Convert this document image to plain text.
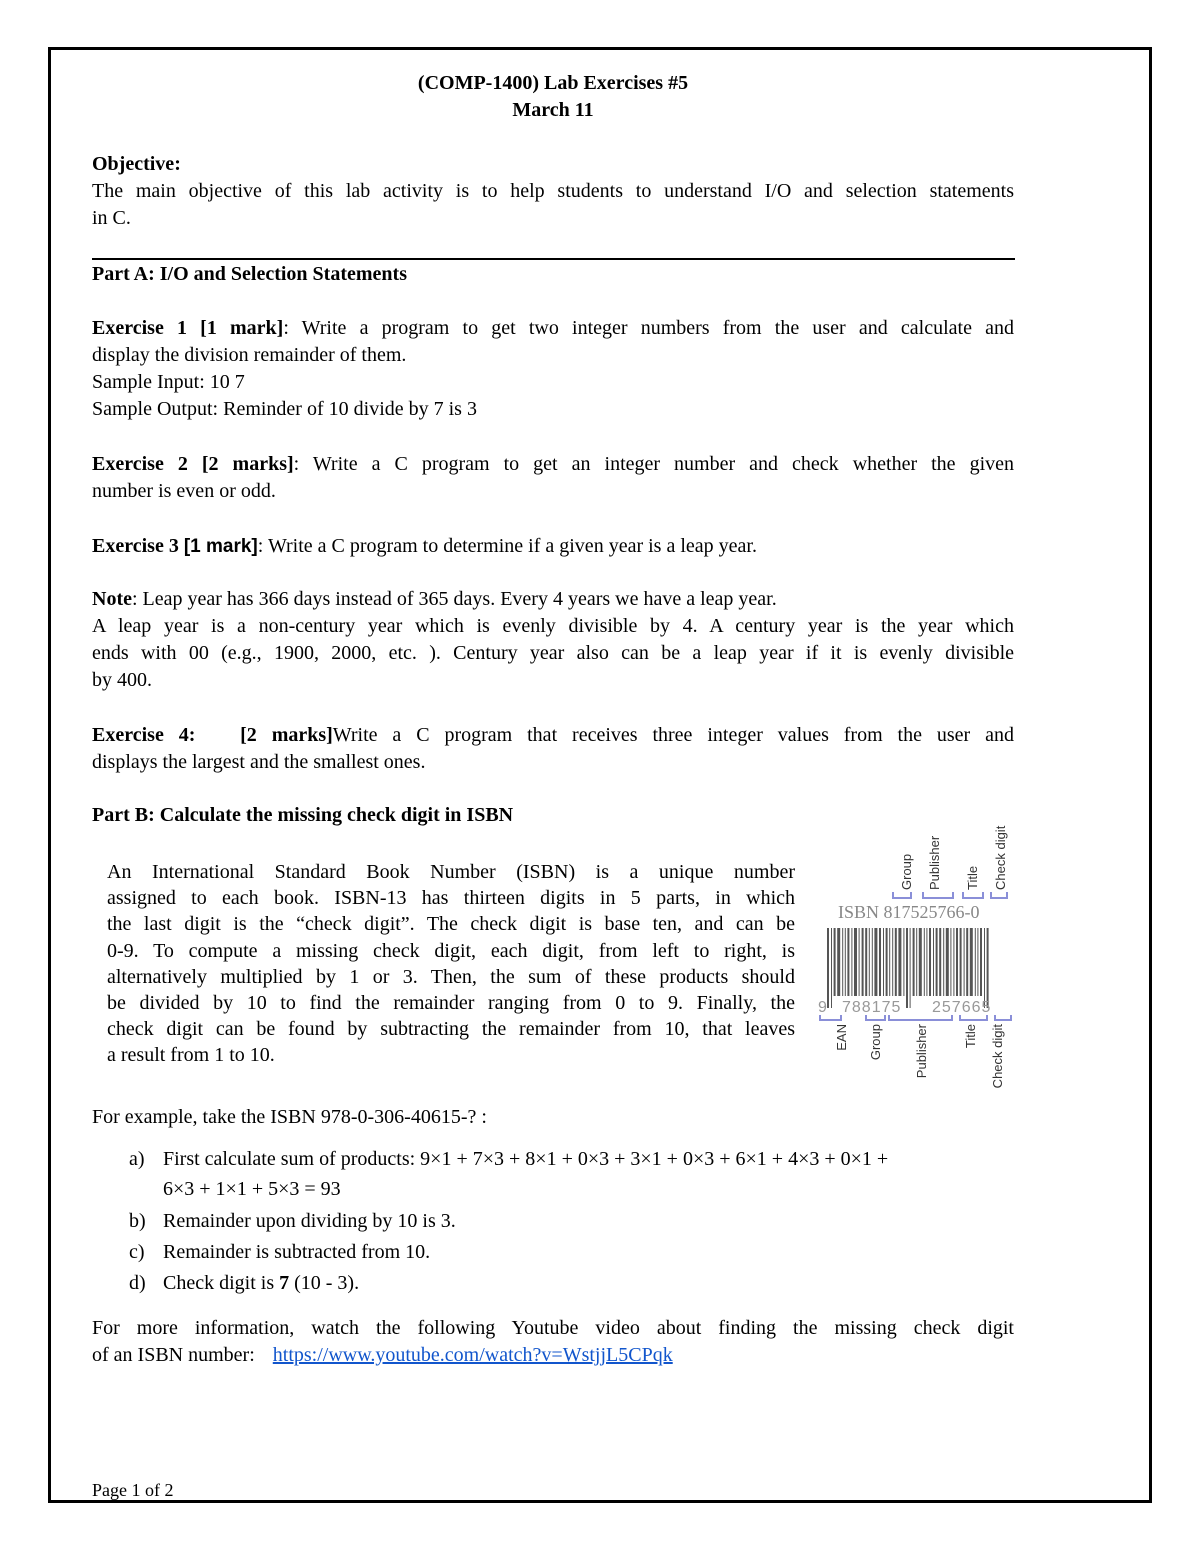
(COMP-1400) Lab Exercises #5
March 11
Objective:
The main objective of this lab activity is to help students to understand I/O and selection statements
in C.
Part A: I/O and Selection Statements
Exercise 1 [1 mark]: Write a program to get two integer numbers from the user and calculate and
display the division remainder of them.
Sample Input: 10 7
Sample Output: Reminder of 10 divide by 7 is 3
Exercise 2 [2 marks]: Write a C program to get an integer number and check whether the given
number is even or odd.
Exercise 3 [1 mark]: Write a C program to determine if a given year is a leap year.
Note: Leap year has 366 days instead of 365 days. Every 4 years we have a leap year.
A leap year is a non-century year which is evenly divisible by 4. A century year is the year which
ends with 00 (e.g., 1900, 2000, etc. ). Century year also can be a leap year if it is evenly divisible
by 400.
Exercise 4:   [2 marks]Write a C program that receives three integer values from the user and
displays the largest and the smallest ones.
Part B: Calculate the missing check digit in ISBN
An International Standard Book Number (ISBN) is a unique number
assigned to each book. ISBN-13 has thirteen digits in 5 parts, in which
the last digit is the “check digit”. The check digit is base ten, and can be
0-9. To compute a missing check digit, each digit, from left to right, is
alternatively multiplied by 1 or 3. Then, the sum of these products should
be divided by 10 to find the remainder ranging from 0 to 9. Finally, the
check digit can be found by subtracting the remainder from 10, that leaves
a result from 1 to 10.
Group Publisher Title Check digit
ISBN 817525766-0
9 788175 257665
EAN Group Publisher	Title Check digit
For example, take the ISBN 978-0-306-40615-? :
a) First calculate sum of products: 9×1 + 7×3 + 8×1 + 0×3 + 3×1 + 0×3 + 6×1 + 4×3 + 0×1 +
6×3 + 1×1 + 5×3 = 93
b) Remainder upon dividing by 10 is 3.
c) Remainder is subtracted from 10.
d) Check digit is 7 (10 - 3).
For more information, watch the following Youtube video about finding the missing check digit
of an ISBN number: https://www.youtube.com/watch?v=WstjjL5CPqk
Page 1 of 2
